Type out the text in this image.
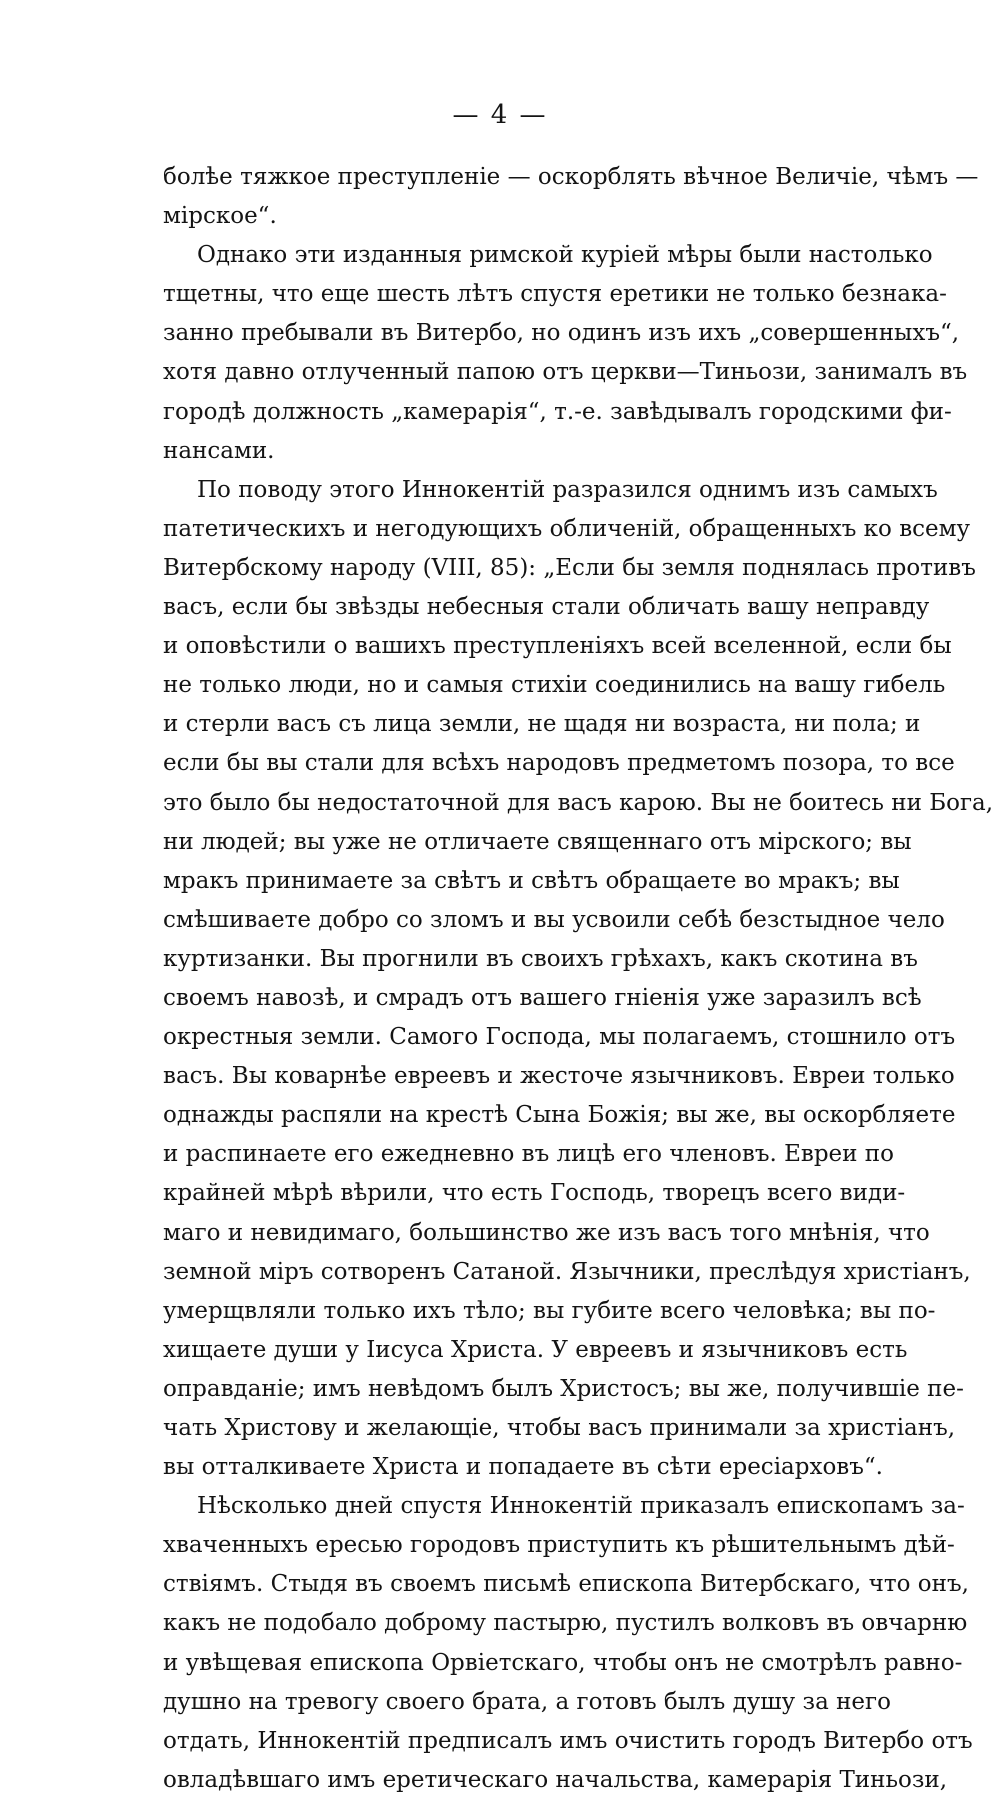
— 4 —
болѣе тяжкое преступленіе — оскорблять вѣчное Величіе, чѣмъ —
мірское“.
Однако эти изданныя римской куріей мѣры были настолько
тщетны, что еще шесть лѣтъ спустя еретики не только безнака-
занно пребывали въ Витербо, но одинъ изъ ихъ „совершенныхъ“,
хотя давно отлученный папою отъ церкви—Тиньози, занималъ въ
городѣ должность „камерарія“, т.-е. завѣдывалъ городскими фи-
нансами.
По поводу этого Иннокентій разразился однимъ изъ самыхъ
патетическихъ и негодующихъ обличеній, обращенныхъ ко всему
Витербскому народу (VIII, 85): „Если бы земля поднялась противъ
васъ, если бы звѣзды небесныя стали обличать вашу неправду
и оповѣстили о вашихъ преступленіяхъ всей вселенной, если бы
не только люди, но и самыя стихіи соединились на вашу гибель
и стерли васъ съ лица земли, не щадя ни возраста, ни пола; и
если бы вы стали для всѣхъ народовъ предметомъ позора, то все
это было бы недостаточной для васъ карою. Вы не боитесь ни Бога,
ни людей; вы уже не отличаете священнаго отъ мірского; вы
мракъ принимаете за свѣтъ и свѣтъ обращаете во мракъ; вы
смѣшиваете добро со зломъ и вы усвоили себѣ безстыдное чело
куртизанки. Вы прогнили въ своихъ грѣхахъ, какъ скотина въ
своемъ навозѣ, и смрадъ отъ вашего гніенія уже заразилъ всѣ
окрестныя земли. Самого Господа, мы полагаемъ, стошнило отъ
васъ. Вы коварнѣе евреевъ и жесточе язычниковъ. Евреи только
однажды распяли на крестѣ Сына Божія; вы же, вы оскорбляете
и распинаете его ежедневно въ лицѣ его членовъ. Евреи по
крайней мѣрѣ вѣрили, что есть Господь, творецъ всего види-
маго и невидимаго, большинство же изъ васъ того мнѣнія, что
земной міръ сотворенъ Сатаной. Язычники, преслѣдуя христіанъ,
умерщвляли только ихъ тѣло; вы губите всего человѣка; вы по-
хищаете души у Іисуса Христа. У евреевъ и язычниковъ есть
оправданіе; имъ невѣдомъ былъ Христосъ; вы же, получившіе пе-
чать Христову и желающіе, чтобы васъ принимали за христіанъ,
вы отталкиваете Христа и попадаете въ сѣти ересіарховъ“.
Нѣсколько дней спустя Иннокентій приказалъ епископамъ за-
хваченныхъ ересью городовъ приступить къ рѣшительнымъ дѣй-
ствіямъ. Стыдя въ своемъ письмѣ епископа Витербскаго, что онъ,
какъ не подобало доброму пастырю, пустилъ волковъ въ овчарню
и увѣщевая епископа Орвіетскаго, чтобы онъ не смотрѣлъ равно-
душно на тревогу своего брата, а готовъ былъ душу за него
отдать, Иннокентій предписалъ имъ очистить городъ Витербо отъ
овладѣвшаго имъ еретическаго начальства, камерарія Тиньози,
